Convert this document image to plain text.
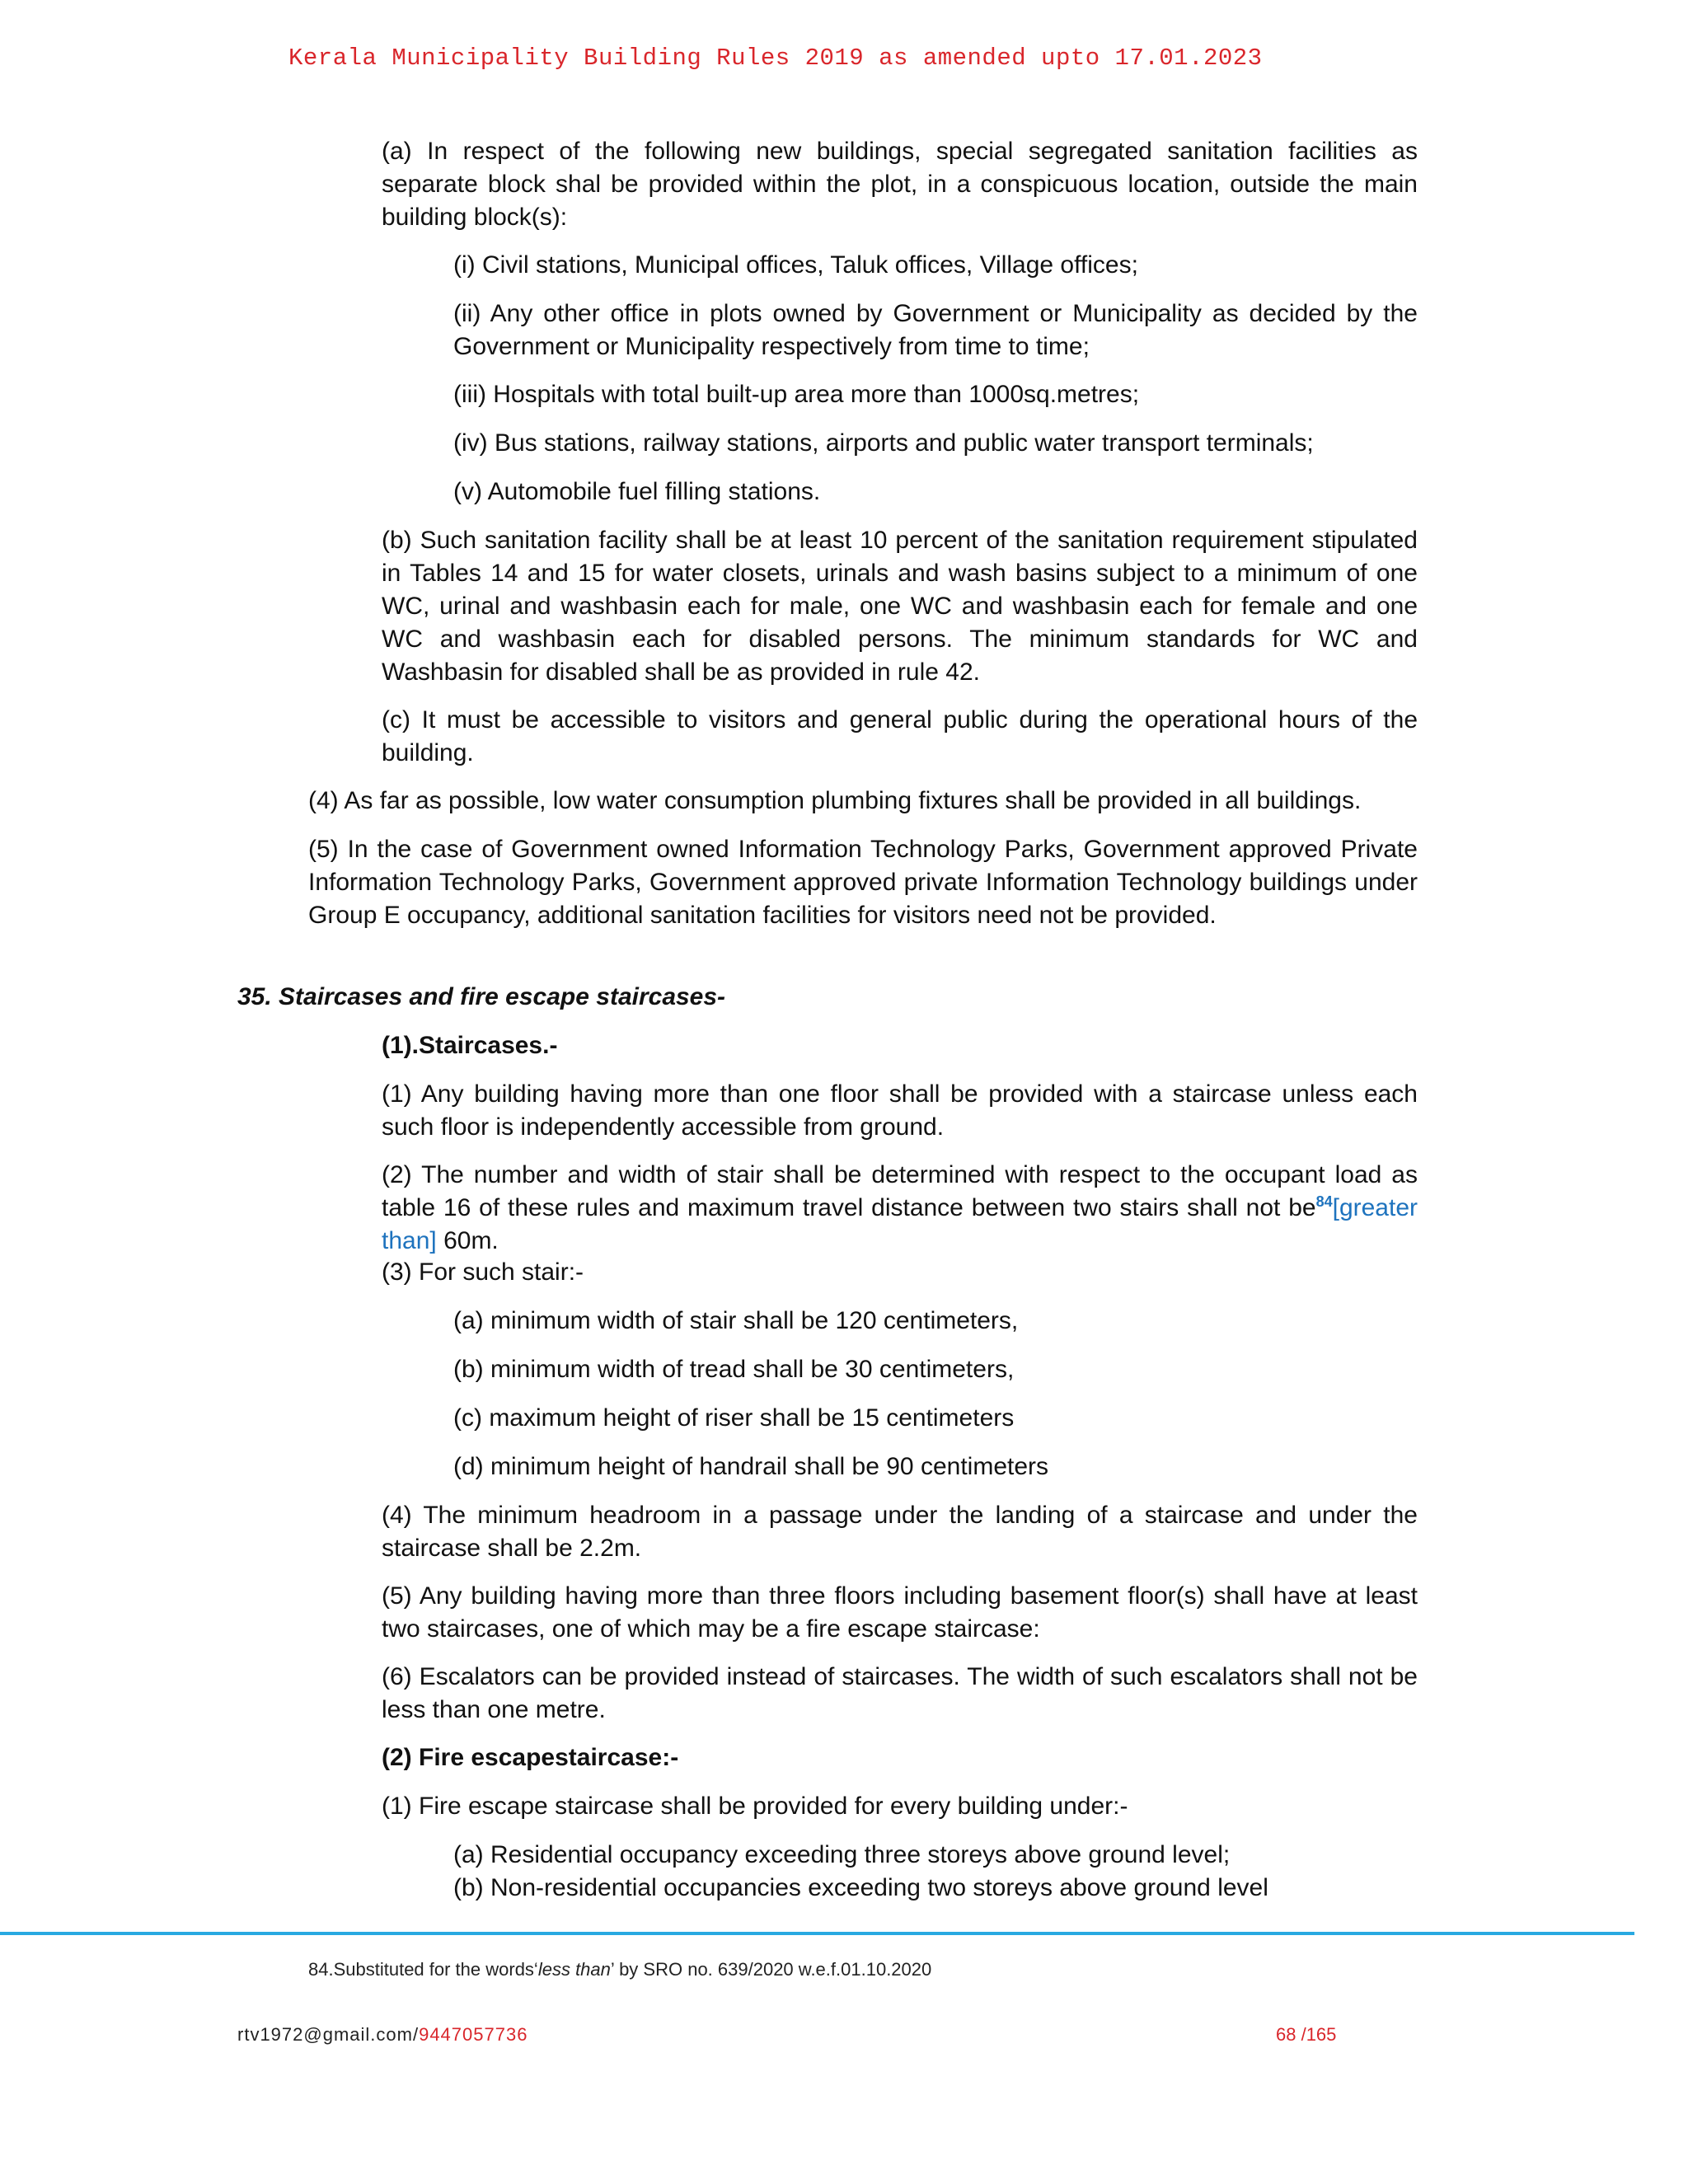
Kerala Municipality Building Rules 2019 as amended upto 17.01.2023

(a) In respect of the following new buildings, special segregated sanitation facilities as separate block shal be provided within the plot, in a conspicuous location, outside the main building block(s):

(i) Civil stations, Municipal offices, Taluk offices, Village offices;

(ii) Any other office in plots owned by Government or Municipality as decided by the Government or Municipality respectively from time to time;

(iii) Hospitals with total built-up area more than 1000sq.metres;

(iv) Bus stations, railway stations, airports and public water transport terminals;

(v) Automobile fuel filling stations.

(b) Such sanitation facility shall be at least 10 percent of the sanitation requirement stipulated in Tables 14 and 15 for water closets, urinals and wash basins subject to a minimum of one WC, urinal and washbasin each for male, one WC and washbasin each for female and one WC and washbasin each for disabled persons. The minimum standards for WC and Washbasin for disabled shall be as provided in rule 42.

(c) It must be accessible to visitors and general public during the operational hours of the building.

(4) As far as possible, low water consumption plumbing fixtures shall be provided in all buildings.

(5) In the case of Government owned Information Technology Parks, Government approved Private Information Technology Parks, Government approved private Information Technology buildings under Group E occupancy, additional sanitation facilities for visitors need not be provided.

35. Staircases and fire escape staircases-
(1).Staircases.-

(1) Any building having more than one floor shall be provided with a staircase unless each such floor is independently accessible from ground.

(2) The number and width of stair shall be determined with respect to the occupant load as table 16 of these rules and maximum travel distance between two stairs shall not be$^{84}$[greater than] 60m.

(3) For such stair:-

(a) minimum width of stair shall be 120 centimeters,

(b) minimum width of tread shall be 30 centimeters,

(c) maximum height of riser shall be 15 centimeters

(d) minimum height of handrail shall be 90 centimeters

(4) The minimum headroom in a passage under the landing of a staircase and under the staircase shall be 2.2m.

(5) Any building having more than three floors including basement floor(s) shall have at least two staircases, one of which may be a fire escape staircase:

(6) Escalators can be provided instead of staircases. The width of such escalators shall not be less than one metre.

(2) Fire escapestaircase:-

(1) Fire escape staircase shall be provided for every building under:-

(a) Residential occupancy exceeding three storeys above ground level;

(b) Non-residential occupancies exceeding two storeys above ground level

84.Substituted for the words‘less than’ by SRO no. 639/2020 w.e.f.01.10.2020
rtv1972@gmail.com/9447057736	68 /165
